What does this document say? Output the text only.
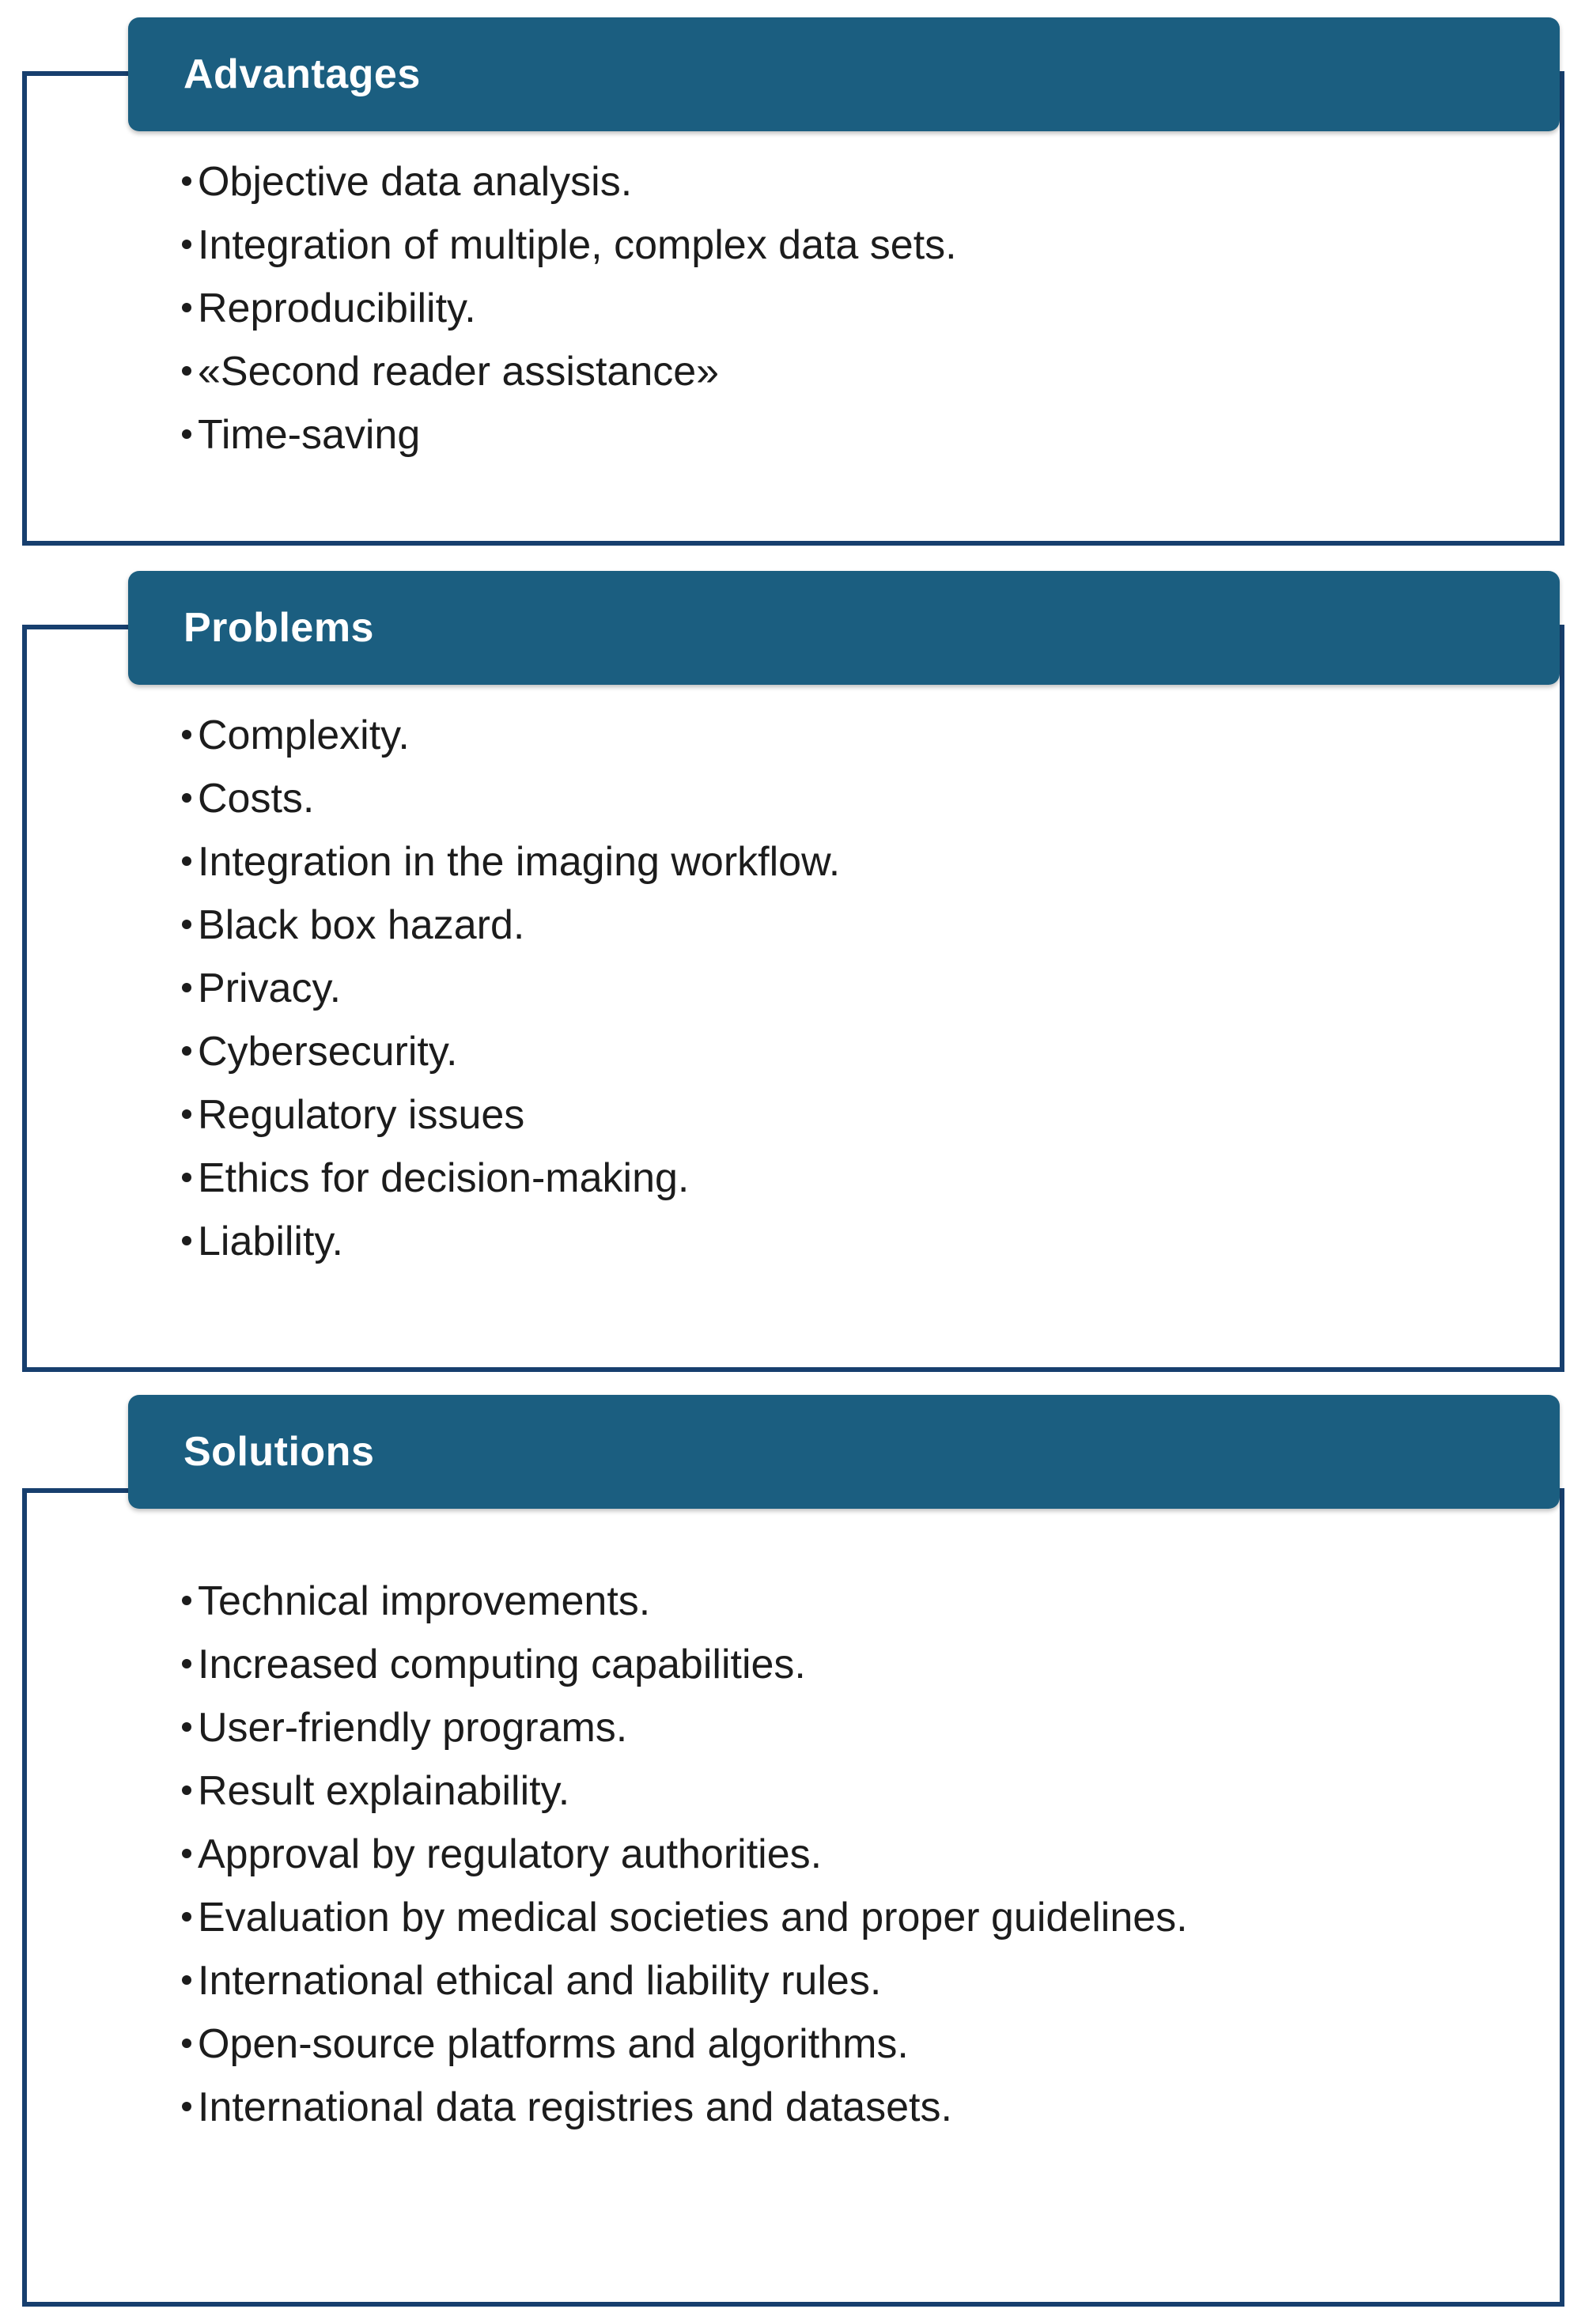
Advantages
Objective data analysis.
Integration of multiple, complex data sets.
Reproducibility.
«Second reader assistance»
Time-saving
Problems
Complexity.
Costs.
Integration in the imaging workflow.
Black box hazard.
Privacy.
Cybersecurity.
Regulatory issues
Ethics for decision-making.
Liability.
Solutions
Technical improvements.
Increased computing capabilities.
User-friendly programs.
Result explainability.
Approval by regulatory authorities.
Evaluation by medical societies and proper guidelines.
International ethical and liability rules.
Open-source platforms and algorithms.
International data registries and datasets.
